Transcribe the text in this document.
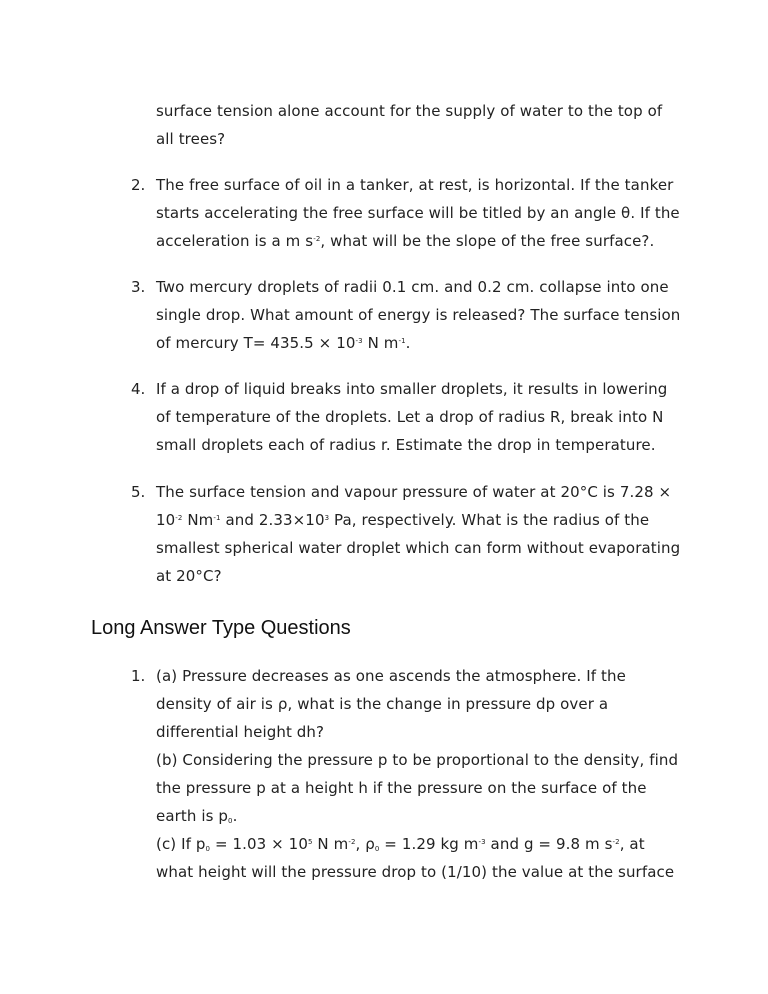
surface tension alone account for the supply of water to the top of
all trees?
2. The free surface of oil in a tanker, at rest, is horizontal. If the tanker
starts accelerating the free surface will be titled by an angle θ. If the
acceleration is a m $s^{-2}$, what will be the slope of the free surface?.
3. Two mercury droplets of radii 0.1 cm. and 0.2 cm. collapse into one
single drop. What amount of energy is released? The surface tension
of mercury $T= 435.5 \times 10^{-3}$ N $m^{-1}$.
4. If a drop of liquid breaks into smaller droplets, it results in lowering
of temperature of the droplets. Let a drop of radius R, break into N
small droplets each of radius r. Estimate the drop in temperature.
5. The surface tension and vapour pressure of water at 20°C is 7.28 ×
$10^{-2}$ $Nm^{-1}$ and $2.33\times 10^3$ Pa, respectively. What is the radius of the
smallest spherical water droplet which can form without evaporating
at 20°C?
Long Answer Type Questions
1. (a) Pressure decreases as one ascends the atmosphere. If the
density of air is ρ, what is the change in pressure dp over a
differential height dh?
(b) Considering the pressure p to be proportional to the density, find
the pressure p at a height h if the pressure on the surface of the
earth is $p_0$.
(c) If $p_0 = 1.03 \times 10^5$ N $m^{-2}$, $\rho_0 = 1.29$ kg $m^{-3}$ and g = 9.8 m $s^{-2}$, at
what height will the pressure drop to (1/10) the value at the surface
